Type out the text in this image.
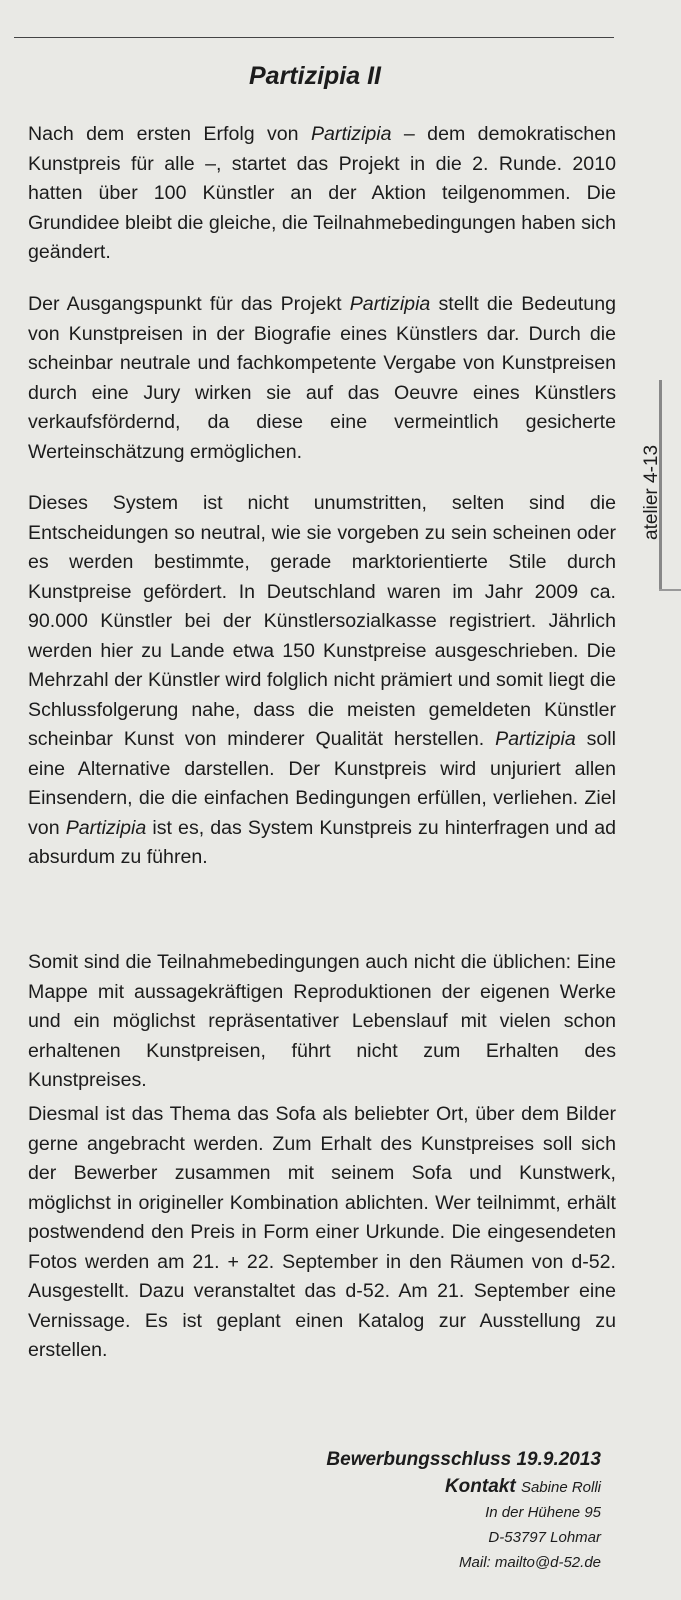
Partizipia II

Nach dem ersten Erfolg von Partizipia – dem demokratischen Kunstpreis für alle –, startet das Projekt in die 2. Runde. 2010 hatten über 100 Künstler an der Aktion teilgenommen. Die Grundidee bleibt die gleiche, die Teilnahmebedingungen haben sich geändert.

Der Ausgangspunkt für das Projekt Partizipia stellt die Bedeutung von Kunstpreisen in der Biografie eines Künstlers dar. Durch die scheinbar neutrale und fachkompetente Vergabe von Kunstpreisen durch eine Jury wirken sie auf das Oeuvre eines Künstlers verkaufsfördernd, da diese eine vermeintlich gesicherte Werteinschätzung ermöglichen.

Dieses System ist nicht unumstritten, selten sind die Entscheidungen so neutral, wie sie vorgeben zu sein scheinen oder es werden bestimmte, gerade marktorientierte Stile durch Kunstpreise gefördert. In Deutschland waren im Jahr 2009 ca. 90.000 Künstler bei der Künstlersozialkasse registriert. Jährlich werden hier zu Lande etwa 150 Kunstpreise ausgeschrieben. Die Mehrzahl der Künstler wird folglich nicht prämiert und somit liegt die Schlussfolgerung nahe, dass die meisten gemeldeten Künstler scheinbar Kunst von minderer Qualität herstellen. Partizipia soll eine Alternative darstellen. Der Kunstpreis wird unjuriert allen Einsendern, die die einfachen Bedingungen erfüllen, verliehen. Ziel von Partizipia ist es, das System Kunstpreis zu hinterfragen und ad absurdum zu führen.

Somit sind die Teilnahmebedingungen auch nicht die üblichen: Eine Mappe mit aussagekräftigen Reproduktionen der eigenen Werke und ein möglichst repräsentativer Lebenslauf mit vielen schon erhaltenen Kunstpreisen, führt nicht zum Erhalten des Kunstpreises.

Diesmal ist das Thema das Sofa als beliebter Ort, über dem Bilder gerne angebracht werden. Zum Erhalt des Kunstpreises soll sich der Bewerber zusammen mit seinem Sofa und Kunstwerk, möglichst in origineller Kombination ablichten. Wer teilnimmt, erhält postwendend den Preis in Form einer Urkunde. Die eingesendeten Fotos werden am 21. + 22. September in den Räumen von d-52. Ausgestellt. Dazu veranstaltet das d-52. Am 21. September eine Vernissage. Es ist geplant einen Katalog zur Ausstellung zu erstellen.

Bewerbungsschluss 19.9.2013
Kontakt Sabine Rolli
In der Hühene 95
D-53797 Lohmar
Mail: mailto@d-52.de
atelier 4-13
